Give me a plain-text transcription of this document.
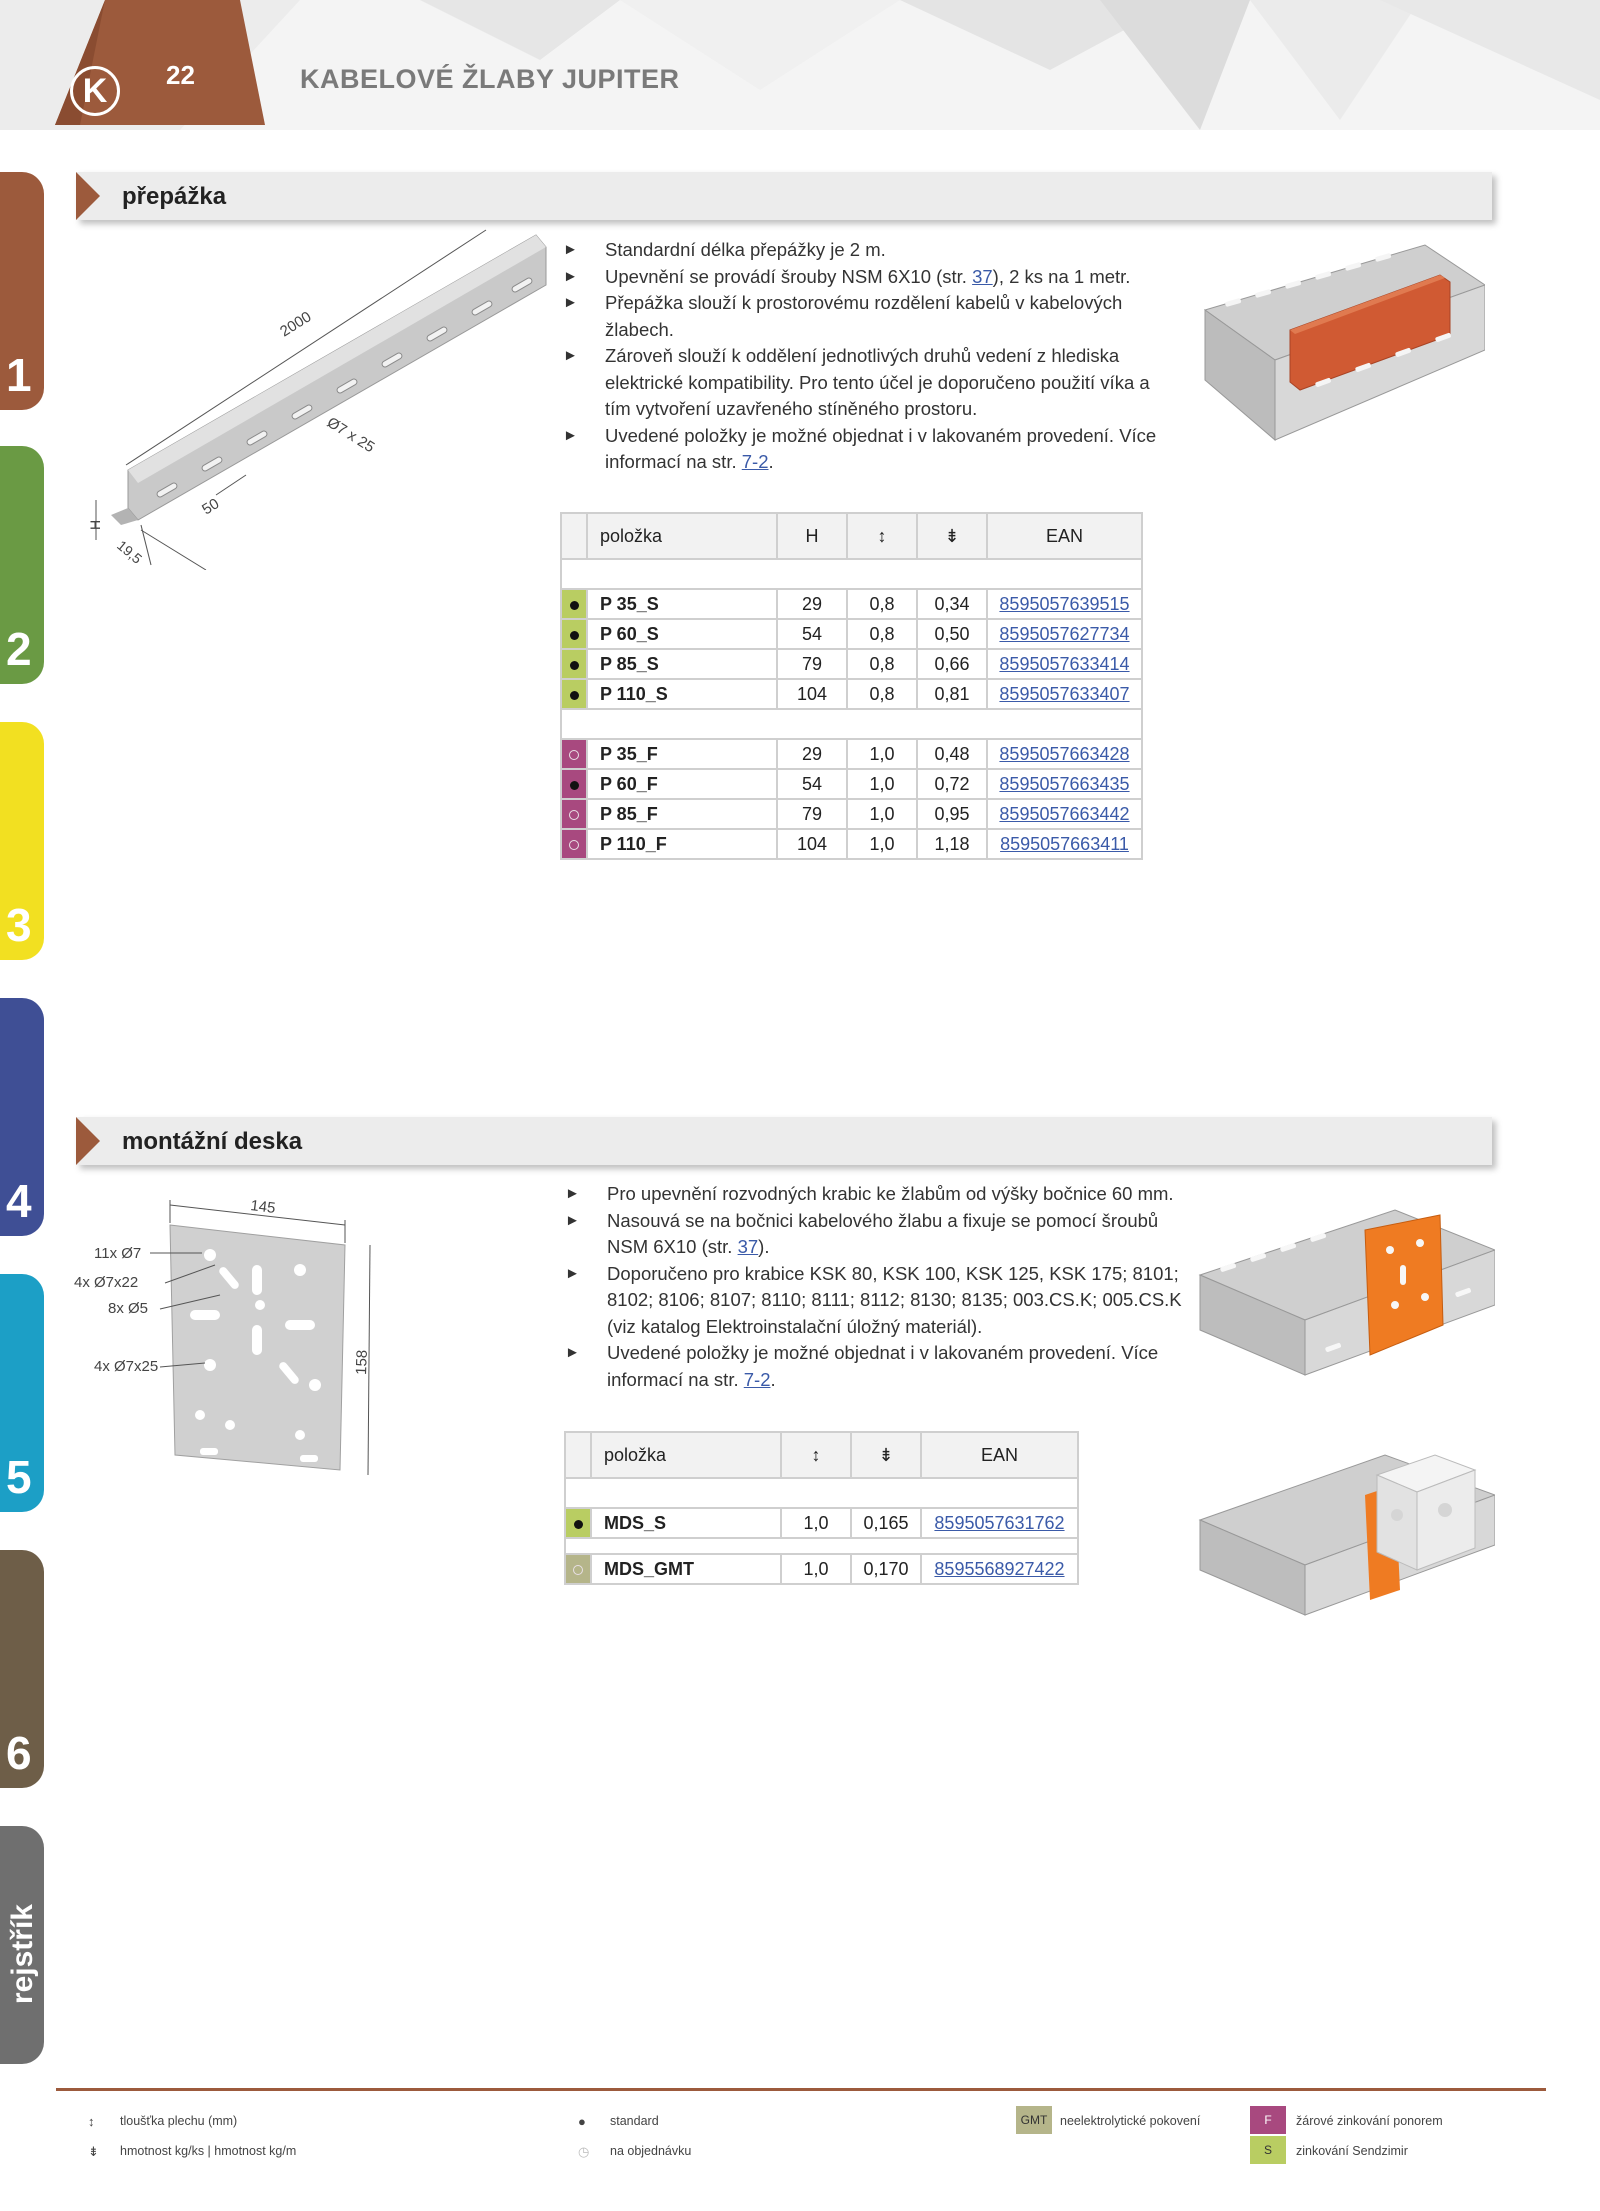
K	22	KABELOVÉ ŽLABY JUPITER
1
2
3
4
5
6
rejstřík
přepážka
2000
Ø7 x 25
50
H
19,5
► Standardní délka přepážky je 2 m.
► Upevnění se provádí šrouby NSM 6X10 (str. 37), 2 ks na 1 metr.
► Přepážka slouží k prostorovému rozdělení kabelů v kabelových žlabech.
► Zároveň slouží k oddělení jednotlivých druhů vedení z hlediska elektrické kompatibility. Pro tento účel je doporučeno použití víka a tím vytvoření uzavřeného stíněného prostoru.
► Uvedené položky je možné objednat i v lakovaném provedení. Více informací na str. 7-2.
	položka	H	↕	⇟	EAN

	P 35_S	29	0,8	0,34	8595057639515
	P 60_S	54	0,8	0,50	8595057627734
	P 85_S	79	0,8	0,66	8595057633414
	P 110_S	104	0,8	0,81	8595057633407

	P 35_F	29	1,0	0,48	8595057663428
	P 60_F	54	1,0	0,72	8595057663435
	P 85_F	79	1,0	0,95	8595057663442
	P 110_F	104	1,0	1,18	8595057663411
montážní deska
145
158
11x Ø7
4x Ø7x22
8x Ø5
4x Ø7x25
► Pro upevnění rozvodných krabic ke žlabům od výšky bočnice 60 mm.
► Nasouvá se na bočnici kabelového žlabu a fixuje se pomocí šroubů NSM 6X10 (str. 37).
► Doporučeno pro krabice KSK 80, KSK 100, KSK 125, KSK 175; 8101; 8102; 8106; 8107; 8110; 8111; 8112; 8130; 8135; 003.CS.K; 005.CS.K (viz katalog Elektroinstalační úložný materiál).
► Uvedené položky je možné objednat i v lakovaném provedení. Více informací na str. 7-2.
	položka	↕	⇟	EAN

	MDS_S	1,0	0,165	8595057631762

	MDS_GMT	1,0	0,170	8595568927422
↕ tloušťka plechu (mm)
⇟ hmotnost kg/ks | hmotnost kg/m
● standard
◷ na objednávku
GMT	neelektrolytické pokovení	F	žárové zinkování ponorem
S	zinkování Sendzimir
